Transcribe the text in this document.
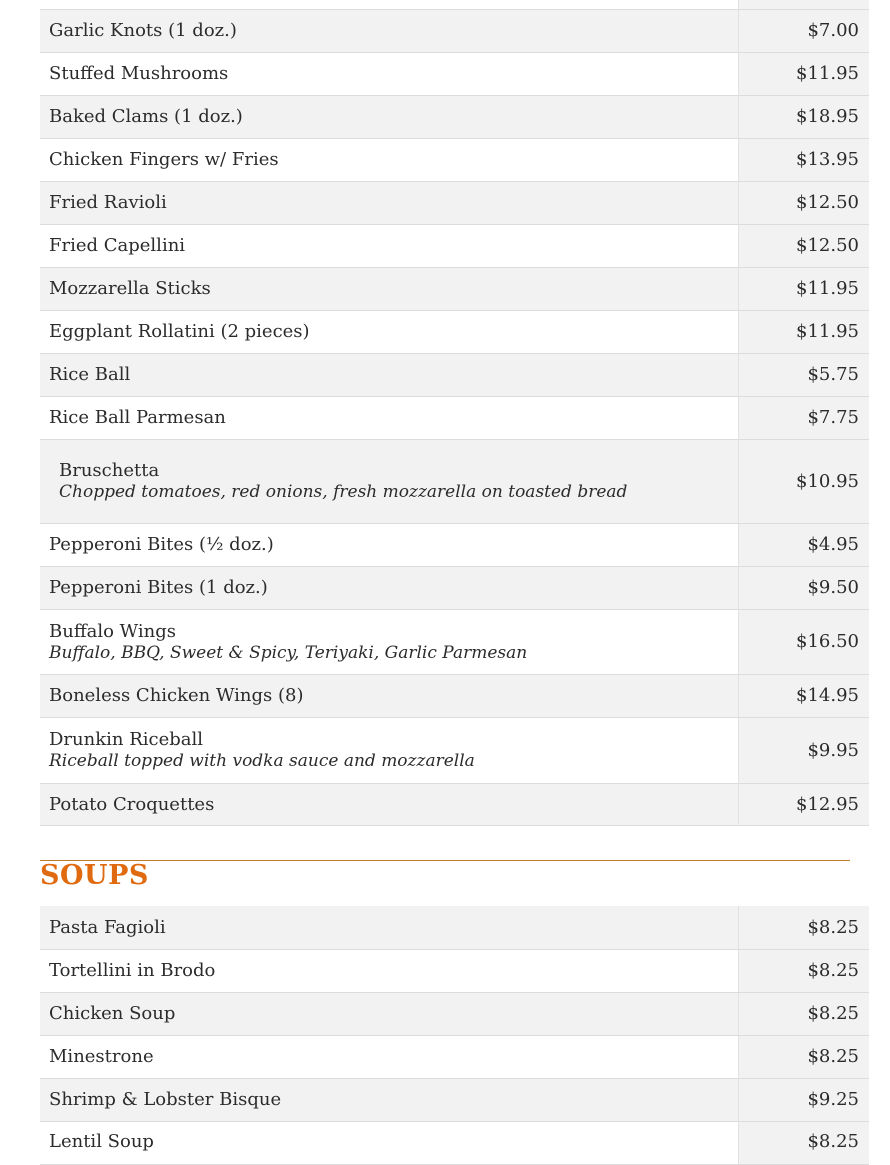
Garlic Knots (1 doz.)	$7.00
Stuffed Mushrooms	$11.95
Baked Clams (1 doz.)	$18.95
Chicken Fingers w/ Fries	$13.95
Fried Ravioli	$12.50
Fried Capellini	$12.50
Mozzarella Sticks	$11.95
Eggplant Rollatini (2 pieces)	$11.95
Rice Ball	$5.75
Rice Ball Parmesan	$7.75
Bruschetta
Chopped tomatoes, red onions, fresh mozzarella on toasted bread	$10.95
Pepperoni Bites (½ doz.)	$4.95
Pepperoni Bites (1 doz.)	$9.50
Buffalo Wings
Buffalo, BBQ, Sweet & Spicy, Teriyaki, Garlic Parmesan	$16.50
Boneless Chicken Wings (8)	$14.95
Drunkin Riceball
Riceball topped with vodka sauce and mozzarella	$9.95
Potato Croquettes	$12.95
SOUPS
Pasta Fagioli	$8.25
Tortellini in Brodo	$8.25
Chicken Soup	$8.25
Minestrone	$8.25
Shrimp & Lobster Bisque	$9.25
Lentil Soup	$8.25
